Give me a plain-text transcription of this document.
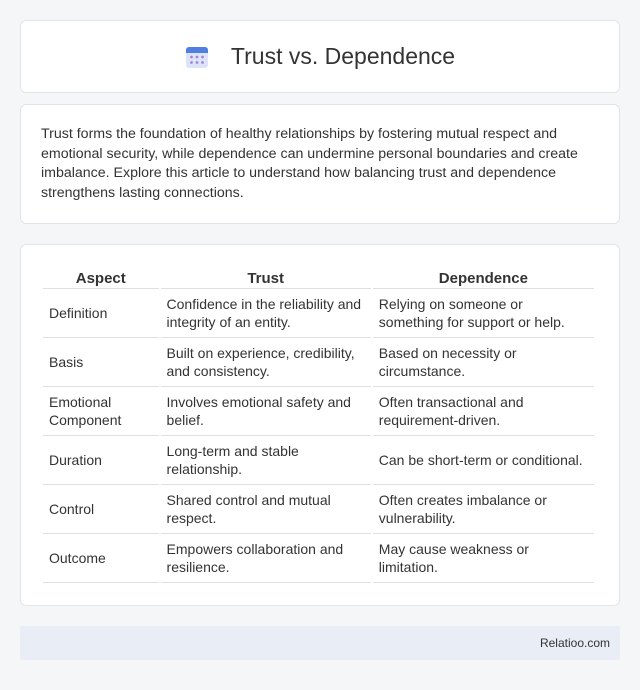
Trust vs. Dependence

Trust forms the foundation of healthy relationships by fostering mutual respect and emotional security, while dependence can undermine personal boundaries and create imbalance. Explore this article to understand how balancing trust and dependence strengthens lasting connections.

Aspect	Trust	Dependence
Definition	Confidence in the reliability and integrity of an entity.	Relying on someone or something for support or help.
Basis	Built on experience, credibility, and consistency.	Based on necessity or circumstance.
Emotional Component	Involves emotional safety and belief.	Often transactional and requirement-driven.
Duration	Long-term and stable relationship.	Can be short-term or conditional.
Control	Shared control and mutual respect.	Often creates imbalance or vulnerability.
Outcome	Empowers collaboration and resilience.	May cause weakness or limitation.
Relatioo.com
